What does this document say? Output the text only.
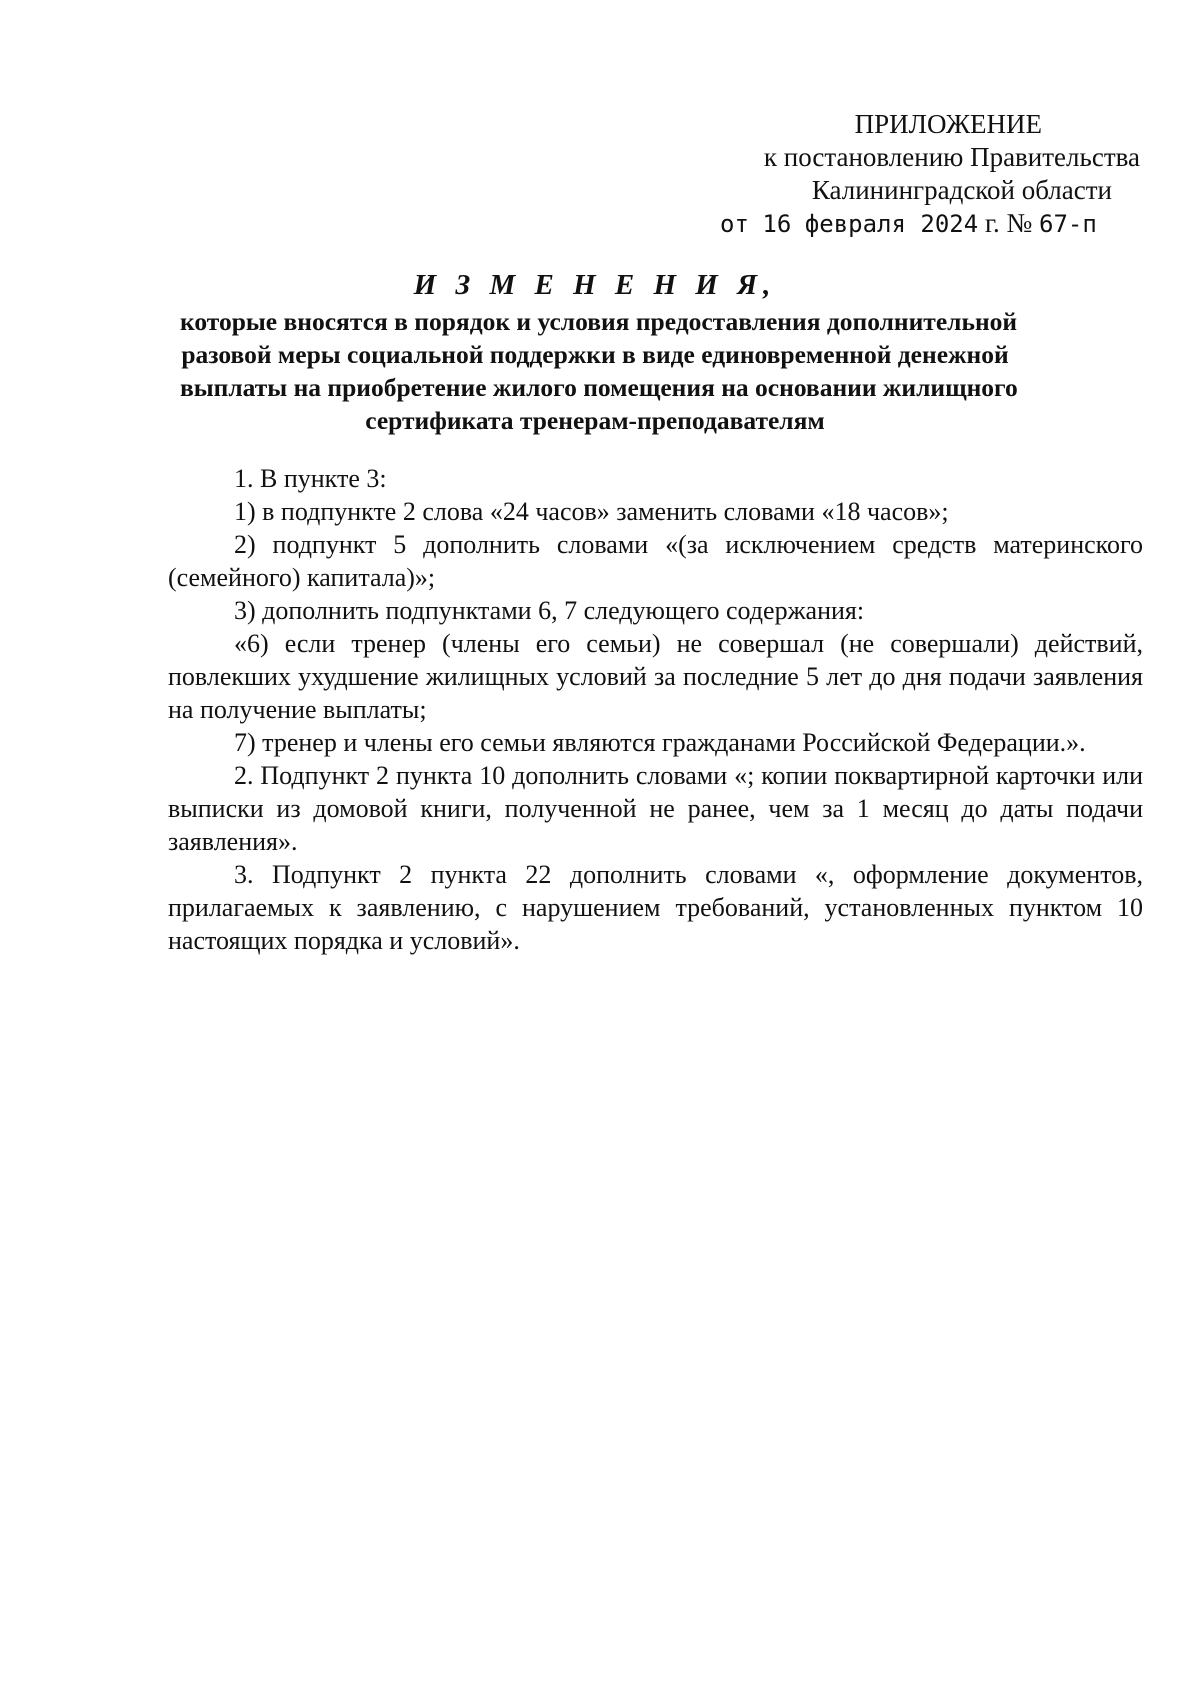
ПРИЛОЖЕНИЕ
к постановлению Правительства
Калининградской области
от 16 февраля 2024 г. № 67-п
И З М Е Н Е Н И Я,
которые вносятся в порядок и условия предоставления дополнительной
разовой меры социальной поддержки в виде единовременной денежной
выплаты на приобретение жилого помещения на основании жилищного
сертификата тренерам-преподавателям

1. В пункте 3:

1) в подпункте 2 слова «24 часов» заменить словами «18 часов»;

2) подпункт 5 дополнить словами «(за исключением средств материнского (семейного) капитала)»;

3) дополнить подпунктами 6, 7 следующего содержания:

«6) если тренер (члены его семьи) не совершал (не совершали) действий, повлекших ухудшение жилищных условий за последние 5 лет до дня подачи заявления на получение выплаты;

7) тренер и члены его семьи являются гражданами Российской Федерации.».

2. Подпункт 2 пункта 10 дополнить словами «; копии поквартирной карточки или выписки из домовой книги, полученной не ранее, чем за 1 месяц до даты подачи заявления».

3. Подпункт 2 пункта 22 дополнить словами «, оформление документов, прилагаемых к заявлению, с нарушением требований, установленных пунктом 10 настоящих порядка и условий».
